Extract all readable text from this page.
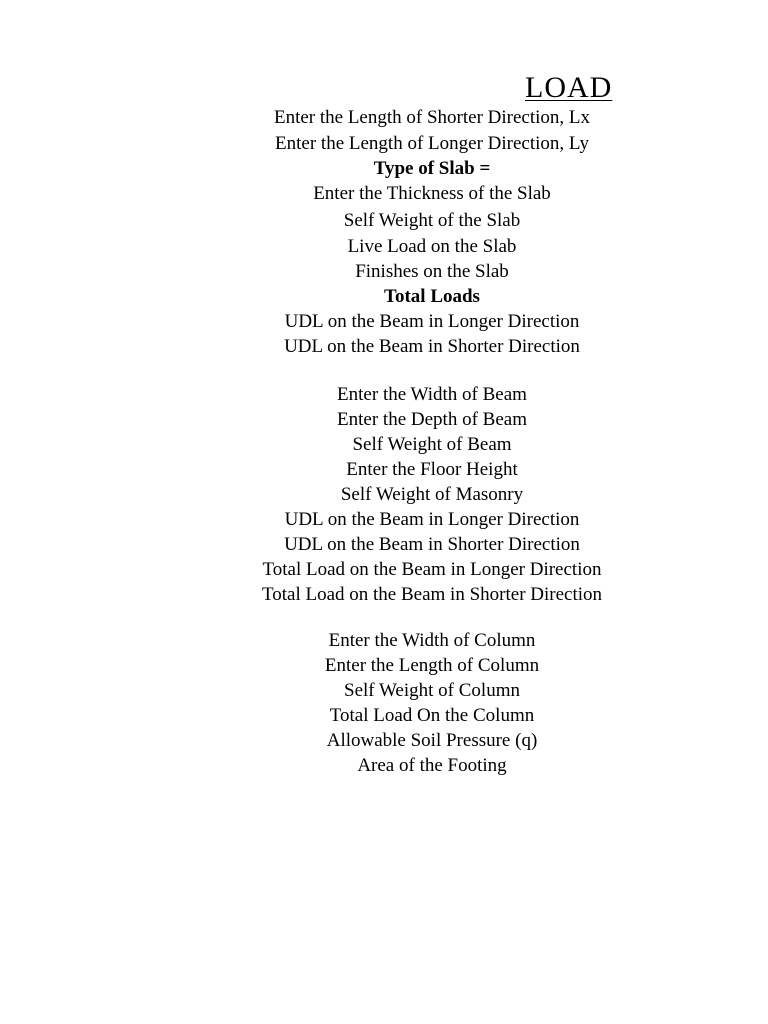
LOAD
Enter the Length of Shorter Direction, Lx
Enter the Length of Longer Direction, Ly
Type of Slab =
Enter the Thickness of the Slab
Self Weight of the Slab
Live Load on the Slab
Finishes on the Slab
Total Loads
UDL on the Beam in Longer Direction
UDL on the Beam in Shorter Direction
Enter the Width of Beam
Enter the Depth of Beam
Self Weight of Beam
Enter the Floor Height
Self Weight of Masonry
UDL on the Beam in Longer Direction
UDL on the Beam in Shorter Direction
Total Load on the Beam in Longer Direction
Total Load on the Beam in Shorter Direction
Enter the Width of Column
Enter the Length of Column
Self Weight of Column
Total Load On the Column
Allowable Soil Pressure (q)
Area of the Footing
